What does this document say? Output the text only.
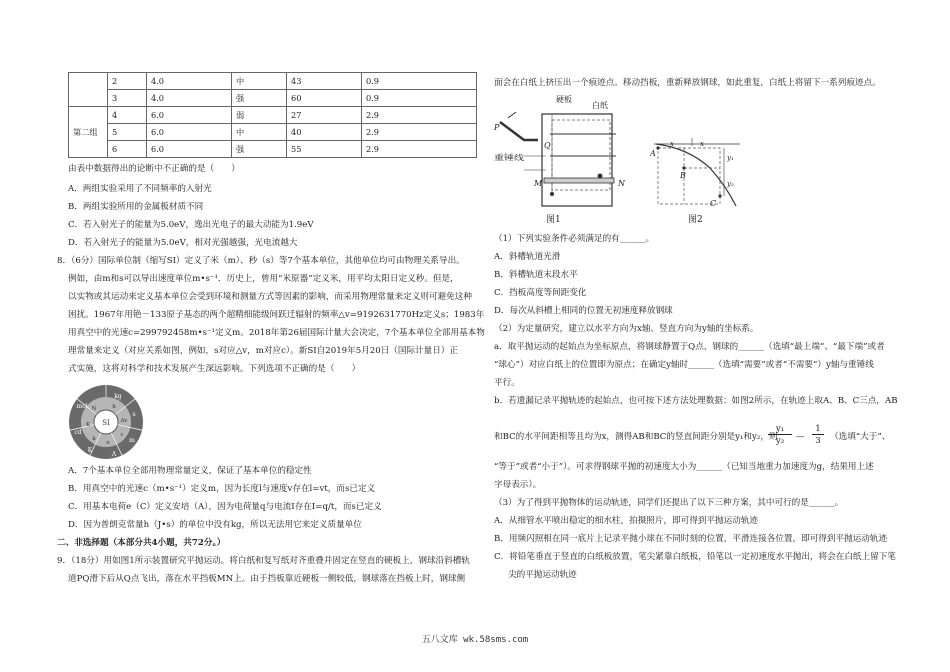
	2	4.0	中	43	0.9
	3	4.0	强	60	0.9
第二组	4	6.0	弱	27	2.9
	5	6.0	中	40	2.9
	6	6.0	强	55	2.9
由表中数据得出的论断中不正确的是（　　）
A．两组实验采用了不同频率的入射光
B．两组实验所用的金属板材质不同
C．若入射光子的能量为5.0eV，逸出光电子的最大动能为1.9eV
D．若入射光子的能量为5.0eV，相对光强越强，光电流越大
8．（6分）国际单位制（缩写SI）定义了米（m）、秒（s）等7个基本单位，其他单位均可由物理关系导出。
例如，由m和s可以导出速度单位m•s⁻¹．历史上，曾用“米原器”定义米，用平均太阳日定义秒。但是，
以实物或其运动来定义基本单位会受到环境和测量方式等因素的影响，而采用物理常量来定义则可避免这种
困扰。1967年用铯－133原子基态的两个超精细能级间跃迁辐射的频率△v=9192631770Hz定义s；1983年
用真空中的光速c=299792458m•s⁻¹定义m。2018年第26届国际计量大会决定，7个基本单位全部用基本物
理常量来定义（对应关系如图，例如，s对应△v，m对应c）。新SI自2019年5月20日（国际计量日）正
式实施，这将对科学和技术发展产生深远影响。下列选项不正确的是（　　）
SI
kg
s
m
A
K
cd
mol	h
Δv
c
e
k
K
N
A．7个基本单位全部用物理常量定义，保证了基本单位的稳定性
B．用真空中的光速c（m•s⁻¹）定义m，因为长度l与速度v存在l=vt，而s已定义
C．用基本电荷e（C）定义安培（A），因为电荷量q与电流I存在I=q/t，而s已定义
D．因为普朗克常量h（J•s）的单位中没有kg，所以无法用它来定义质量单位
二、非选择题（本部分共4小题，共72分。）
9．（18分）用如图1所示装置研究平抛运动。将白纸和复写纸对齐重叠并固定在竖直的硬板上，钢球沿斜槽轨
道PQ滑下后从Q点飞出，落在水平挡板MN上。由于挡板靠近硬板一侧较低，钢球落在挡板上时，钢球侧
面会在白纸上挤压出一个痕迹点。移动挡板，重新释放钢球，如此重复，白纸上将留下一系列痕迹点。
硬板
白纸
P
Q
M	N
重锤线
图1
A
B
C
x	x
y₁
y₂
图2
（1）下列实验条件必须满足的有______。
A．斜槽轨道光滑
B．斜槽轨道末段水平
C．挡板高度等间距变化
D．每次从斜槽上相同的位置无初速度释放钢球
（2）为定量研究，建立以水平方向为x轴、竖直方向为y轴的坐标系。
a．取平抛运动的起始点为坐标原点，将钢球静置于Q点，钢球的______（选填“最上端”、“最下端”或者
“球心”）对应白纸上的位置即为原点；在确定y轴时______（选填“需要”或者“不需要”）y轴与重锤线
平行。
b．若遗漏记录平抛轨迹的起始点，也可按下述方法处理数据：如图2所示，在轨迹上取A、B、C三点，AB
和BC的水平间距相等且均为x，测得AB和BC的竖直间距分别是y₁和y₂，则
y₁
y₂	—
1
3	（选填“大于”、
“等于”或者“小于”）。可求得钢球平抛的初速度大小为______（已知当地重力加速度为g，结果用上述
字母表示）。
（3）为了得到平抛物体的运动轨迹，同学们还提出了以下三种方案，其中可行的是______。
A．从细管水平喷出稳定的细水柱，拍摄照片，即可得到平抛运动轨迹
B．用频闪照相在同一底片上记录平抛小球在不同时刻的位置，平滑连接各位置，即可得到平抛运动轨迹
C．将铅笔垂直于竖直的白纸板放置，笔尖紧靠白纸板，铅笔以一定初速度水平抛出，将会在白纸上留下笔
尖的平抛运动轨迹
五八文库 wk.58sms.com
